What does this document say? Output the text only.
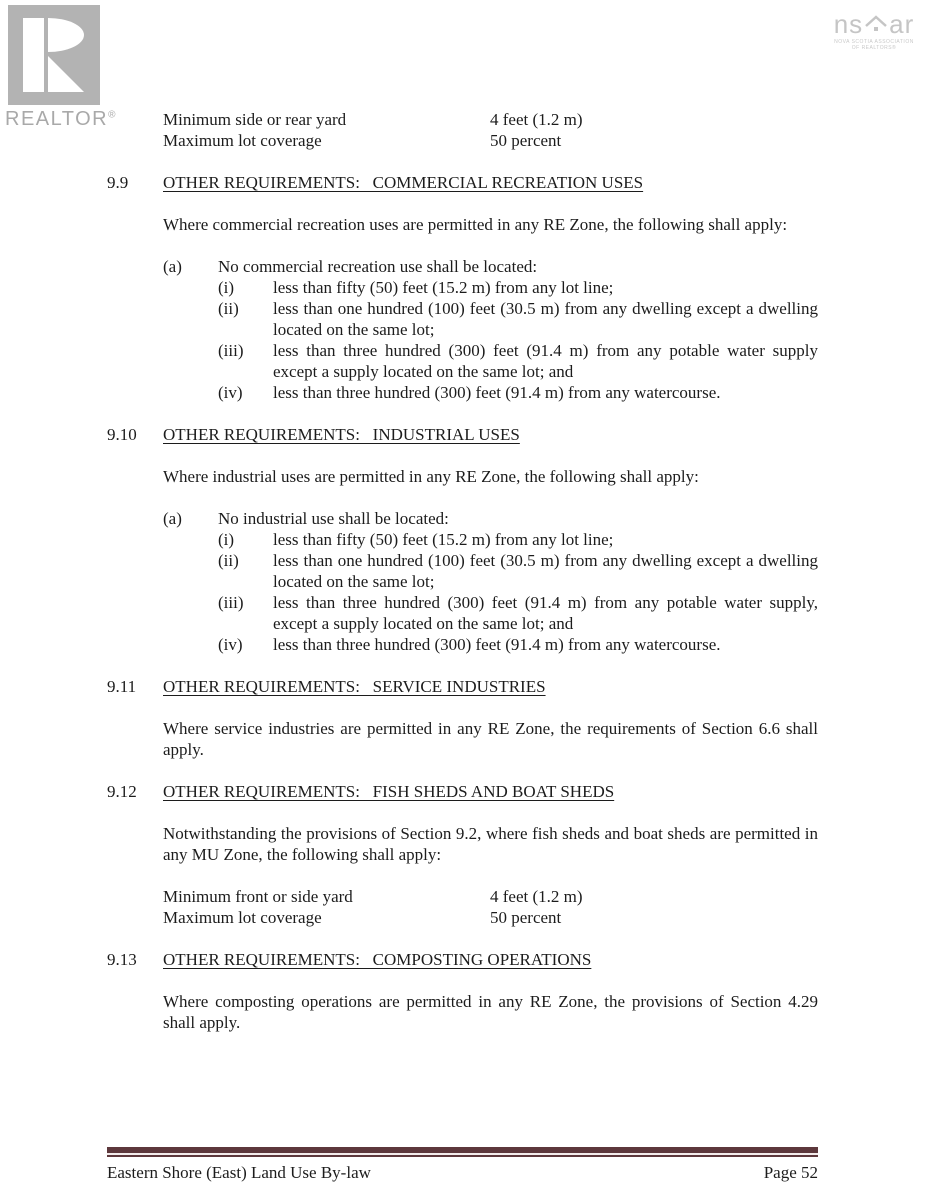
REALTOR®
ns ar
NOVA SCOTIA ASSOCIATION
OF REALTORS®
Minimum side or rear yard	4 feet (1.2 m)
Maximum lot coverage	50 percent
9.9	OTHER REQUIREMENTS:   COMMERCIAL RECREATION USES

Where commercial recreation uses are permitted in any RE Zone, the following shall apply:

(a)	No commercial recreation use shall be located:

(i)	less than fifty (50) feet (15.2 m) from any lot line;

(ii)	less than one hundred (100) feet (30.5 m) from any dwelling except a dwelling located on the same lot;

(iii)	less than three hundred (300) feet (91.4 m) from any potable water supply except a supply located on the same lot; and

(iv)	less than three hundred (300) feet (91.4 m) from any watercourse.

9.10	OTHER REQUIREMENTS:   INDUSTRIAL USES

Where industrial uses are permitted in any RE Zone, the following shall apply:

(a)	No industrial use shall be located:

(i)	less than fifty (50) feet (15.2 m) from any lot line;

(ii)	less than one hundred (100) feet (30.5 m) from any dwelling except a dwelling located on the same lot;

(iii)	less than three hundred (300) feet (91.4 m) from any potable water supply, except a supply located on the same lot; and

(iv)	less than three hundred (300) feet (91.4 m) from any watercourse.

9.11	OTHER REQUIREMENTS:   SERVICE INDUSTRIES

Where service industries are permitted in any RE Zone, the requirements of Section 6.6 shall apply.

9.12	OTHER REQUIREMENTS:   FISH SHEDS AND BOAT SHEDS

Notwithstanding the provisions of Section 9.2, where fish sheds and boat sheds are permitted in any MU Zone, the following shall apply:

Minimum front or side yard	4 feet (1.2 m)
Maximum lot coverage	50 percent
9.13	OTHER REQUIREMENTS:   COMPOSTING OPERATIONS

Where composting operations are permitted in any RE Zone, the provisions of Section 4.29 shall apply.

Eastern Shore (East) Land Use By-law	Page 52
